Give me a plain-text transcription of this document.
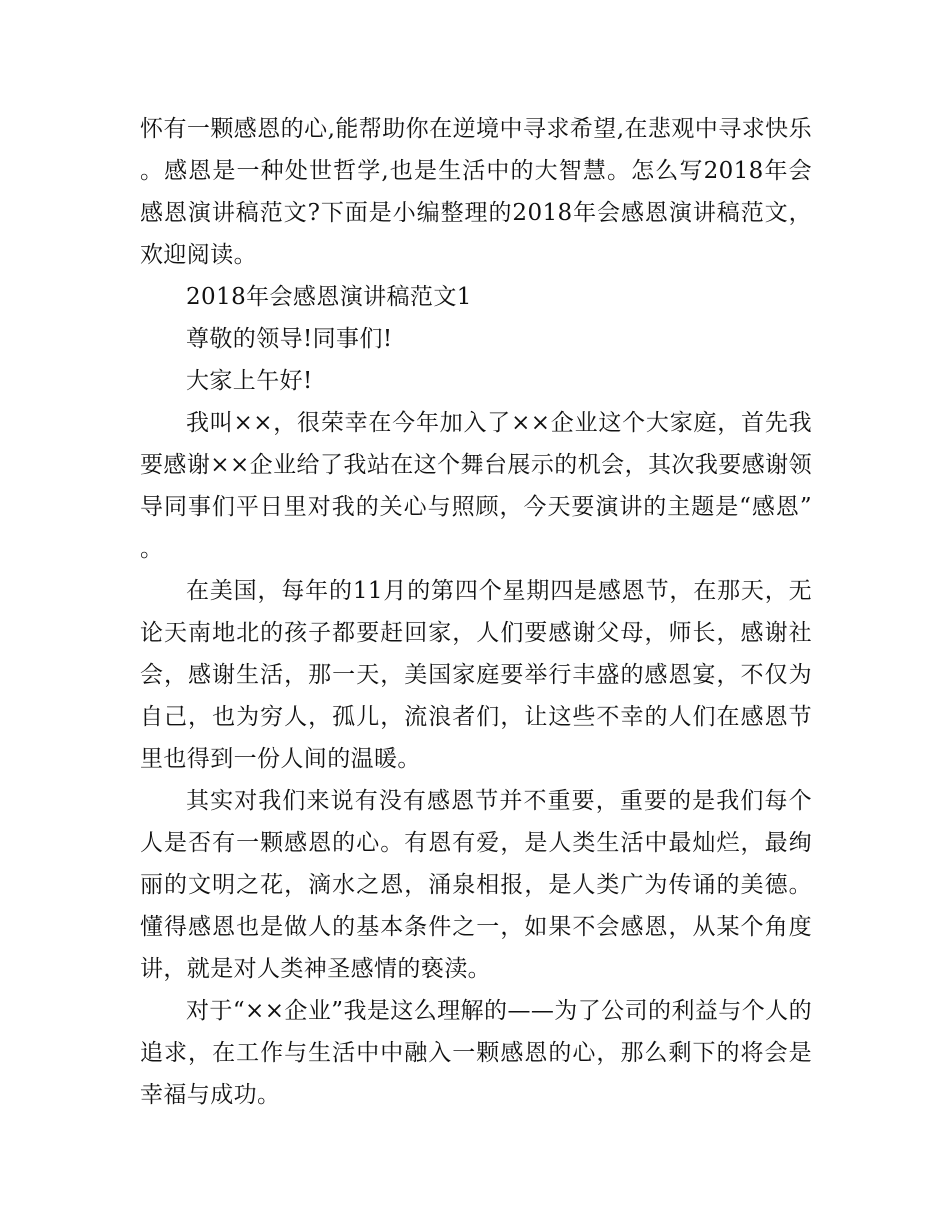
怀有一颗感恩的心,能帮助你在逆境中寻求希望,在悲观中寻求快乐。感恩是一种处世哲学,也是生活中的大智慧。怎么写2018年会感恩演讲稿范文?下面是小编整理的2018年会感恩演讲稿范文，欢迎阅读。

2018年会感恩演讲稿范文1

尊敬的领导!同事们!

大家上午好!

我叫××，很荣幸在今年加入了××企业这个大家庭，首先我要感谢××企业给了我站在这个舞台展示的机会，其次我要感谢领导同事们平日里对我的关心与照顾，今天要演讲的主题是“感恩”。

在美国，每年的11月的第四个星期四是感恩节，在那天，无论天南地北的孩子都要赶回家，人们要感谢父母，师长，感谢社会，感谢生活，那一天，美国家庭要举行丰盛的感恩宴，不仅为自己，也为穷人，孤儿，流浪者们，让这些不幸的人们在感恩节里也得到一份人间的温暖。

其实对我们来说有没有感恩节并不重要，重要的是我们每个人是否有一颗感恩的心。有恩有爱，是人类生活中最灿烂，最绚丽的文明之花，滴水之恩，涌泉相报，是人类广为传诵的美德。懂得感恩也是做人的基本条件之一，如果不会感恩，从某个角度讲，就是对人类神圣感情的亵渎。

对于“××企业”我是这么理解的——为了公司的利益与个人的追求，在工作与生活中中融入一颗感恩的心，那么剩下的将会是幸福与成功。
